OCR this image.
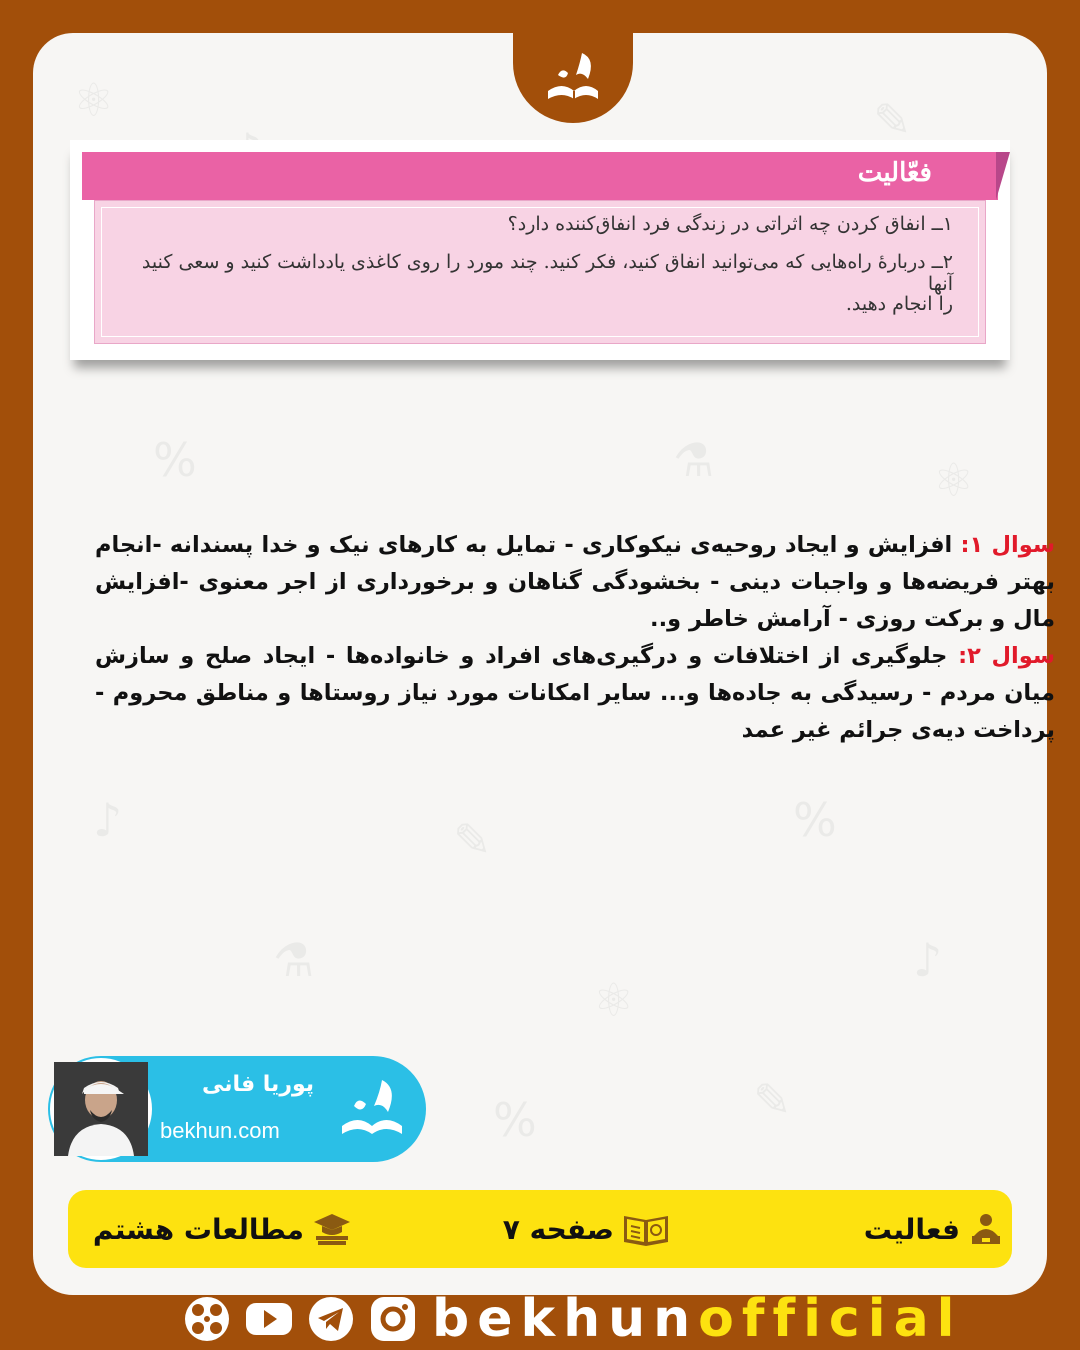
⚛	✎
%	⚗	⚛
♪	✎	%
⚗
⚛
♪
%	✎
سوال ۱: افزایش و ایجاد روحیه‌ی نیکوکاری - تمایل به کارهای نیک و خدا پسندانه -انجام بهتر فریضه‌ها و واجبات دینی - بخشودگی گناهان و برخورداری از اجر معنوی -افزایش مال و برکت روزی - آرامش خاطر و..
سوال ۲: جلوگیری از اختلافات و درگیری‌های افراد و خانواده‌ها - ایجاد صلح و سازش میان مردم - رسیدگی به جاده‌ها و... سایر امکانات مورد نیاز روستاها و مناطق محروم - پرداخت دیه‌ی جرائم غیر عمد
فعّالیت
۱ــ انفاق کردن چه اثراتی در زندگی فرد انفاق‌کننده دارد؟
۲ــ دربارهٔ راه‌هایی که می‌توانید انفاق کنید، فکر کنید. چند مورد را روی کاغذی یادداشت کنید و سعی کنید آنها
را انجام دهید.
پوریا فانی
bekhun.com
فعالیت
صفحه ۷
مطالعات هشتم
bekhun official
